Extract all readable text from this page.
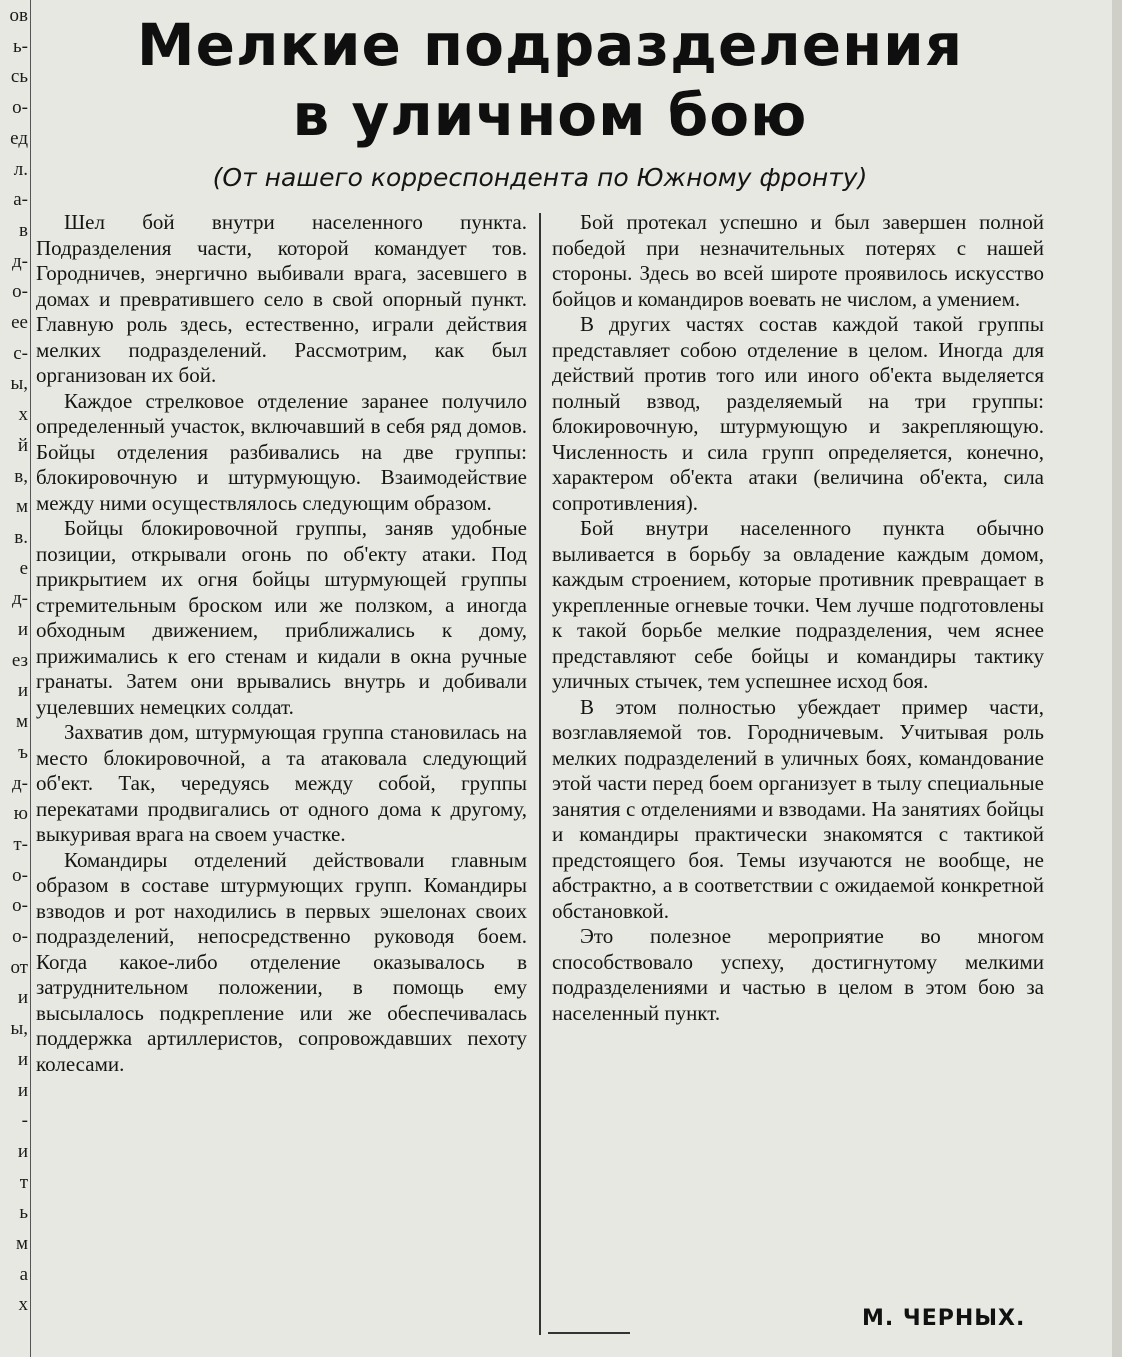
ов
ь-
сь
о-
ед
л.
а-
в
д-
о-
ее
с-
ы,
х
й
в,
м
в.
е
д-
и
ез
и
м
ъ
д-
ю
т-
о-
о-
о-
от
и
ы,
и
и
-
и
т
ь
м
а
х
Мелкие подразделения
в уличном бою
(От нашего корреспондента по Южному фронту)

Шел бой внутри населенного пункта. Подразделения части, которой командует тов. Городничев, энергично выбивали врага, засевшего в домах и превратившего село в свой опорный пункт. Главную роль здесь, естественно, играли действия мелких подразделений. Рассмотрим, как был организован их бой.

Каждое стрелковое отделение заранее получило определенный участок, включавший в себя ряд домов. Бойцы отделения разбивались на две группы: блокировочную и штурмующую. Взаимодействие между ними осуществлялось следующим образом.

Бойцы блокировочной группы, заняв удобные позиции, открывали огонь по об'екту атаки. Под прикрытием их огня бойцы штурмующей группы стремительным броском или же ползком, а иногда обходным движением, приближались к дому, прижимались к его стенам и кидали в окна ручные гранаты. Затем они врывались внутрь и добивали уцелевших немецких солдат.

Захватив дом, штурмующая группа становилась на место блокировочной, а та атаковала следующий об'ект. Так, чередуясь между собой, группы перекатами продвигались от одного дома к другому, выкуривая врага на своем участке.

Командиры отделений действовали главным образом в составе штурмующих групп. Командиры взводов и рот находились в первых эшелонах своих подразделений, непосредственно руководя боем. Когда какое-либо отделение оказывалось в затруднительном положении, в помощь ему высылалось подкрепление или же обеспечивалась поддержка артиллеристов, сопровождавших пехоту колесами.

Бой протекал успешно и был завершен полной победой при незначительных потерях с нашей стороны. Здесь во всей широте проявилось искусство бойцов и командиров воевать не числом, а умением.

В других частях состав каждой такой группы представляет собою отделение в целом. Иногда для действий против того или иного об'екта выделяется полный взвод, разделяемый на три группы: блокировочную, штурмующую и закрепляющую. Численность и сила групп определяется, конечно, характером об'екта атаки (величина об'екта, сила сопротивления).

Бой внутри населенного пункта обычно выливается в борьбу за овладение каждым домом, каждым строением, которые противник превращает в укрепленные огневые точки. Чем лучше подготовлены к такой борьбе мелкие подразделения, чем яснее представляют себе бойцы и командиры тактику уличных стычек, тем успешнее исход боя.

В этом полностью убеждает пример части, возглавляемой тов. Городничевым. Учитывая роль мелких подразделений в уличных боях, командование этой части перед боем организует в тылу специальные занятия с отделениями и взводами. На занятиях бойцы и командиры практически знакомятся с тактикой предстоящего боя. Темы изучаются не вообще, не абстрактно, а в соответствии с ожидаемой конкретной обстановкой.

Это полезное мероприятие во многом способствовало успеху, достигнутому мелкими подразделениями и частью в целом в этом бою за населенный пункт.

М. ЧЕРНЫХ.
